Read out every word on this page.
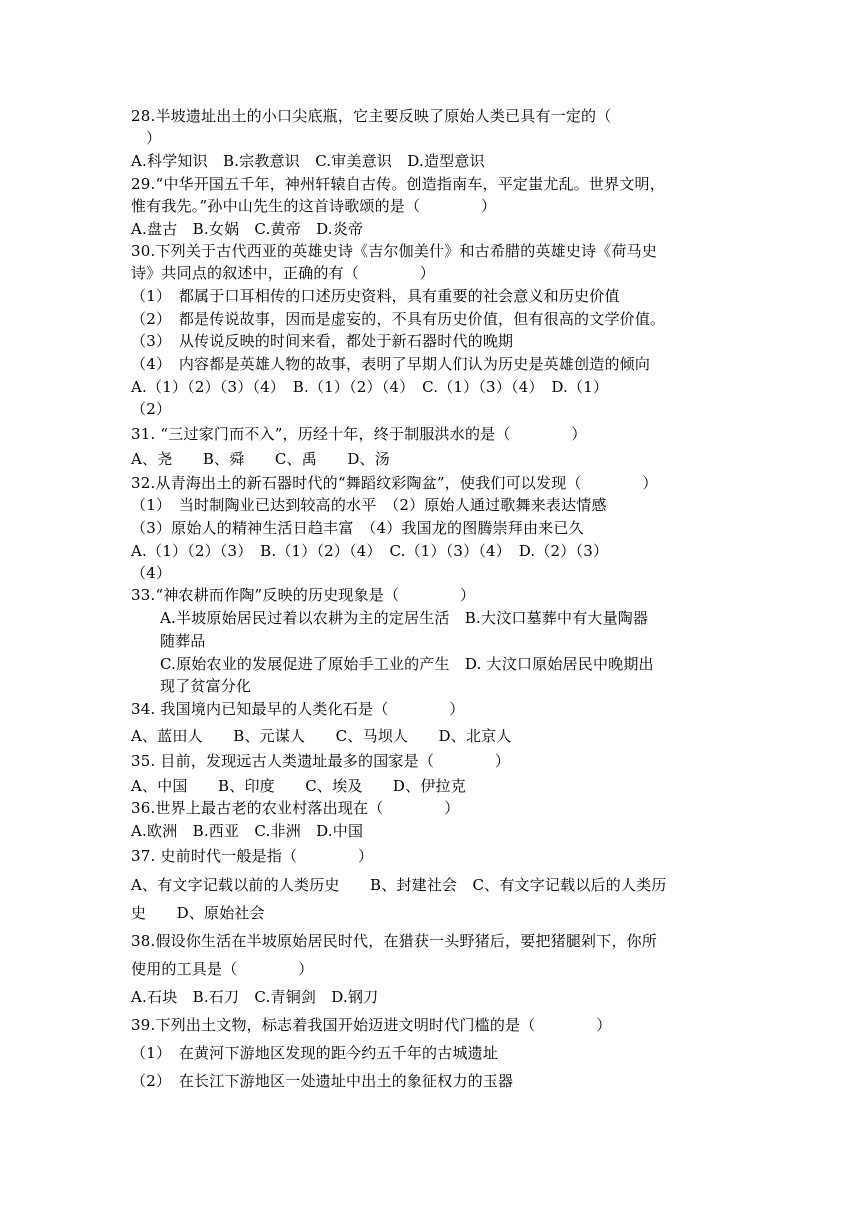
28.半坡遗址出土的小口尖底瓶，它主要反映了原始人类已具有一定的（
）
A.科学知识　B.宗教意识　C.审美意识　D.造型意识
29.“中华开国五千年，神州轩辕自古传。创造指南车，平定蚩尤乱。世界文明，
惟有我先。”孙中山先生的这首诗歌颂的是（　　　　）
A.盘古　B.女娲　C.黄帝　D.炎帝
30.下列关于古代西亚的英雄史诗《吉尔伽美什》和古希腊的英雄史诗《荷马史
诗》共同点的叙述中，正确的有（　　　　）
（1）　都属于口耳相传的口述历史资料，具有重要的社会意义和历史价值
（2）　都是传说故事，因而是虚妄的，不具有历史价值，但有很高的文学价值。
（3）　从传说反映的时间来看，都处于新石器时代的晚期
（4）　内容都是英雄人物的故事，表明了早期人们认为历史是英雄创造的倾向
A.（1）（2）（3）（4）　B.（1）（2）（4）　C.（1）（3）（4）　D.（1）
（2）
31. “三过家门而不入”，历经十年，终于制服洪水的是（　　　　）
A、尧　　B、舜　　C、禹　　D、汤
32.从青海出土的新石器时代的“舞蹈纹彩陶盆”，使我们可以发现（　　　　）
（1）　当时制陶业已达到较高的水平　（2）原始人通过歌舞来表达情感
（3）原始人的精神生活日趋丰富　（4）我国龙的图腾崇拜由来已久
A.（1）（2）（3）　B.（1）（2）（4）　C.（1）（3）（4）　D.（2）（3）
（4）
33.“神农耕而作陶”反映的历史现象是（　　　　）
A.半坡原始居民过着以农耕为主的定居生活　B.大汶口墓葬中有大量陶器
随葬品
C.原始农业的发展促进了原始手工业的产生　D. 大汶口原始居民中晚期出
现了贫富分化
34. 我国境内已知最早的人类化石是（　　　　）
A、蓝田人　　B、元谋人　　C、马坝人　　D、北京人
35. 目前，发现远古人类遗址最多的国家是（　　　　）
A、中国　　B、印度　　C、埃及　　D、伊拉克
36.世界上最古老的农业村落出现在（　　　　）
A.欧洲　B.西亚　C.非洲　D.中国
37. 史前时代一般是指（　　　　）
A、有文字记载以前的人类历史　　B、封建社会　C、有文字记载以后的人类历
史　　D、原始社会
38.假设你生活在半坡原始居民时代，在猎获一头野猪后，要把猪腿剁下，你所
使用的工具是（　　　　）
A.石块　B.石刀　C.青铜剑　D.钢刀
39.下列出土文物，标志着我国开始迈进文明时代门槛的是（　　　　）
（1）　在黄河下游地区发现的距今约五千年的古城遗址
（2）　在长江下游地区一处遗址中出土的象征权力的玉器
